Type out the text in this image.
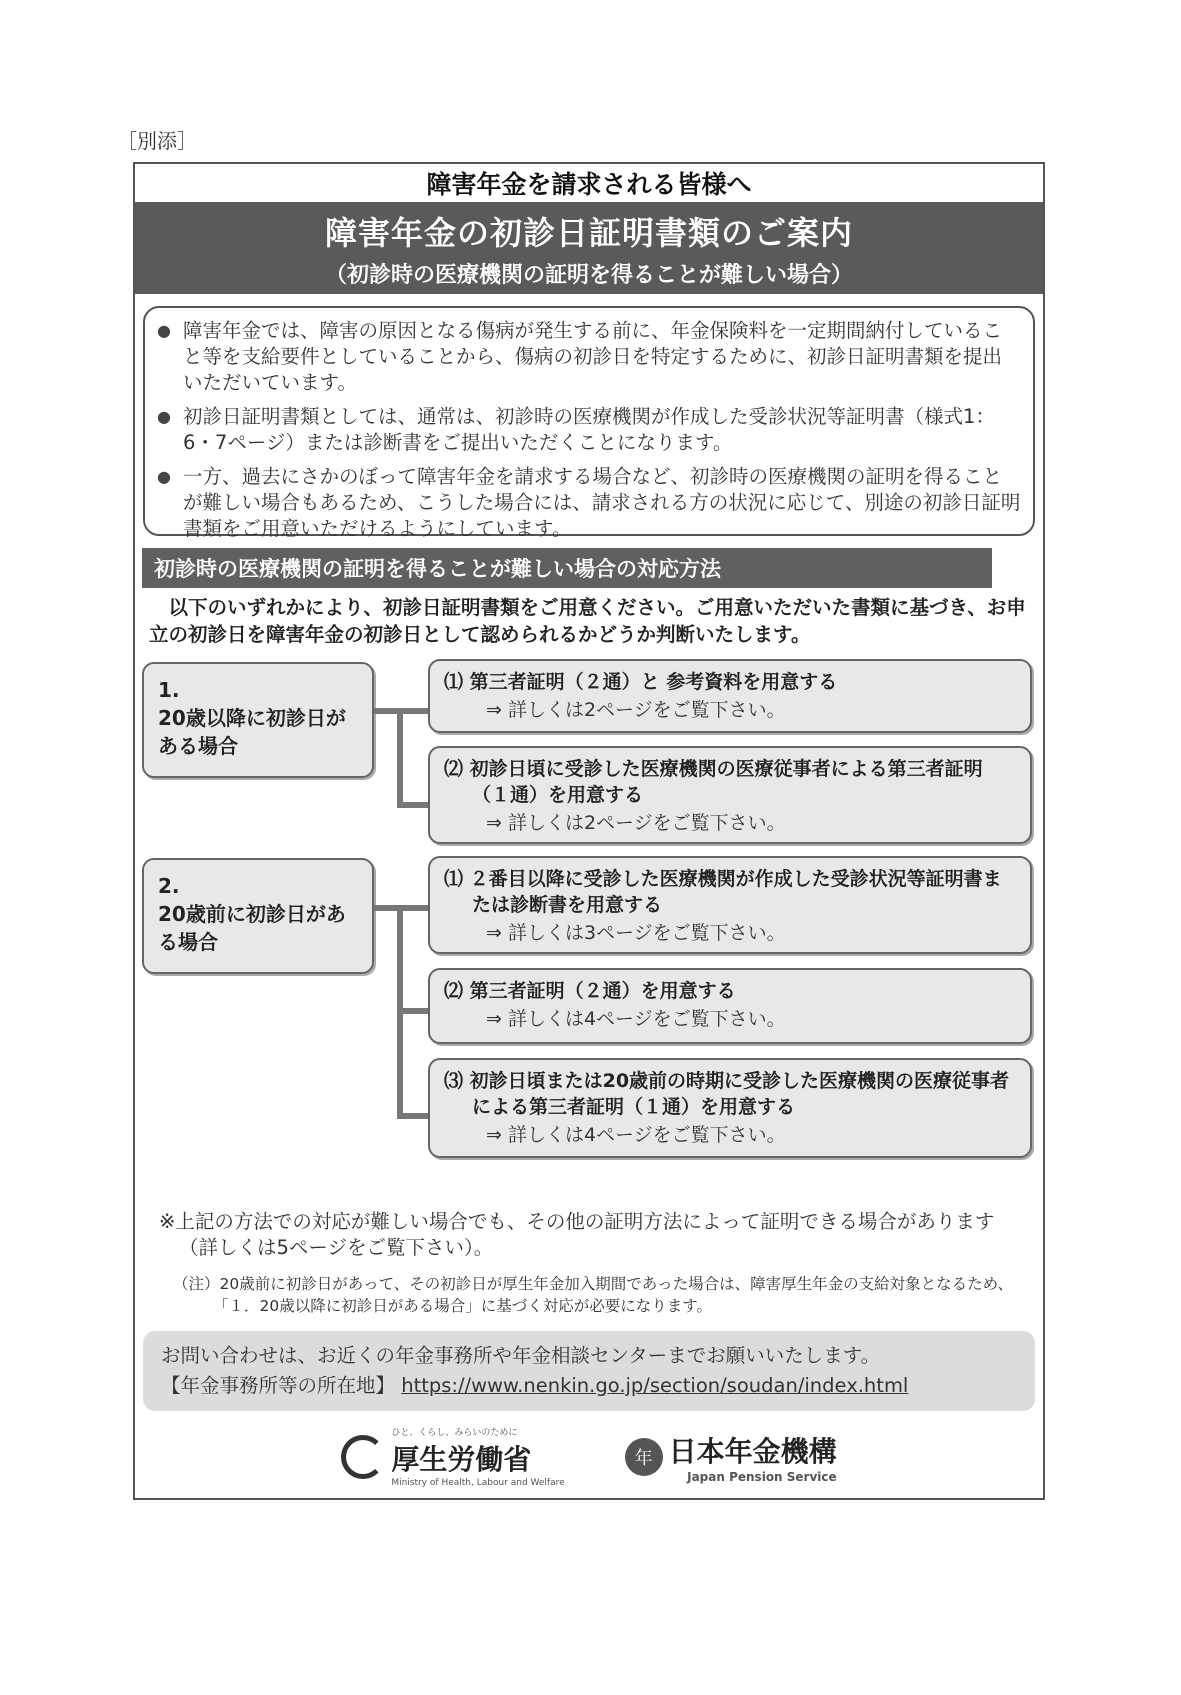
［別添］
障害年金を請求される皆様へ
障害年金の初診日証明書類のご案内
（初診時の医療機関の証明を得ることが難しい場合）
● 障害年金では、障害の原因となる傷病が発生する前に、年金保険料を一定期間納付していること等を支給要件としていることから、傷病の初診日を特定するために、初診日証明書類を提出いただいています。
● 初診日証明書類としては、通常は、初診時の医療機関が作成した受診状況等証明書（様式1：6・7ページ）または診断書をご提出いただくことになります。
● 一方、過去にさかのぼって障害年金を請求する場合など、初診時の医療機関の証明を得ることが難しい場合もあるため、こうした場合には、請求される方の状況に応じて、別途の初診日証明書類をご用意いただけるようにしています。
初診時の医療機関の証明を得ることが難しい場合の対応方法
以下のいずれかにより、初診日証明書類をご用意ください。ご用意いただいた書類に基づき、お申立の初診日を障害年金の初診日として認められるかどうか判断いたします。
1.
20歳以降に初診日がある場合
⑴ 第三者証明（２通）と 参考資料を用意する
⇒ 詳しくは2ページをご覧下さい。
⑵ 初診日頃に受診した医療機関の医療従事者による第三者証明（１通）を用意する
⇒ 詳しくは2ページをご覧下さい。
2.
20歳前に初診日がある場合
⑴ ２番目以降に受診した医療機関が作成した受診状況等証明書または診断書を用意する
⇒ 詳しくは3ページをご覧下さい。
⑵ 第三者証明（２通）を用意する
⇒ 詳しくは4ページをご覧下さい。
⑶ 初診日頃または20歳前の時期に受診した医療機関の医療従事者による第三者証明（１通）を用意する
⇒ 詳しくは4ページをご覧下さい。
※上記の方法での対応が難しい場合でも、その他の証明方法によって証明できる場合があります（詳しくは5ページをご覧下さい）。
（注）20歳前に初診日があって、その初診日が厚生年金加入期間であった場合は、障害厚生年金の支給対象となるため、「１．20歳以降に初診日がある場合」に基づく対応が必要になります。
お問い合わせは、お近くの年金事務所や年金相談センターまでお願いいたします。
【年金事務所等の所在地】 https://www.nenkin.go.jp/section/soudan/index.html
ひと、くらし、みらいのために
厚生労働省
Ministry of Health, Labour and Welfare
年 日本年金機構
Japan Pension Service
